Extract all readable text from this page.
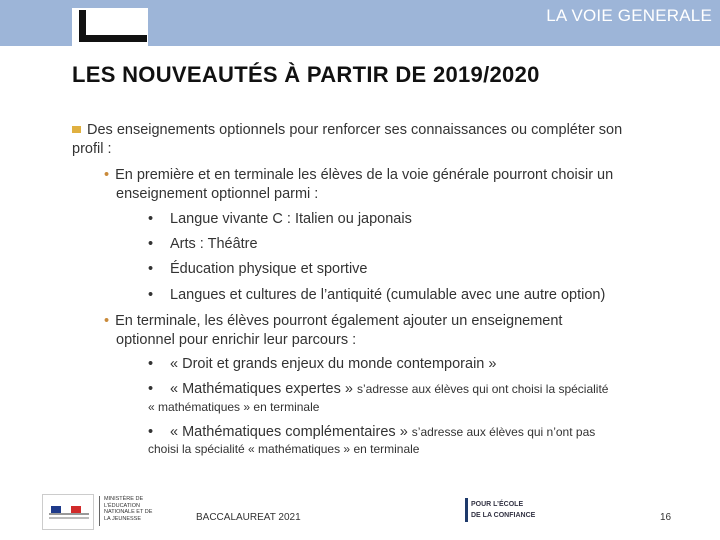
LA VOIE GENERALE
LES NOUVEAUTÉS À PARTIR DE 2019/2020
Des enseignements optionnels pour renforcer ses connaissances ou compléter son
profil :
• En première et en terminale les élèves de la voie générale pourront choisir un
enseignement optionnel parmi :
• Langue vivante C : Italien ou japonais
• Arts : Théâtre
• Éducation physique et sportive
• Langues et cultures de l’antiquité (cumulable avec une autre option)
• En terminale, les élèves pourront également ajouter un enseignement
optionnel pour enrichir leur parcours :
• « Droit et grands enjeux du monde contemporain »
• « Mathématiques expertes » s’adresse aux élèves qui ont choisi la spécialité
« mathématiques » en terminale
• « Mathématiques complémentaires » s’adresse aux élèves qui n’ont pas
choisi la spécialité « mathématiques » en terminale
MINISTÈRE DE L’ÉDUCATION NATIONALE ET DE LA JEUNESSE	BACCALAUREAT 2021
POUR L’ÉCOLE
DE LA CONFIANCE	16
